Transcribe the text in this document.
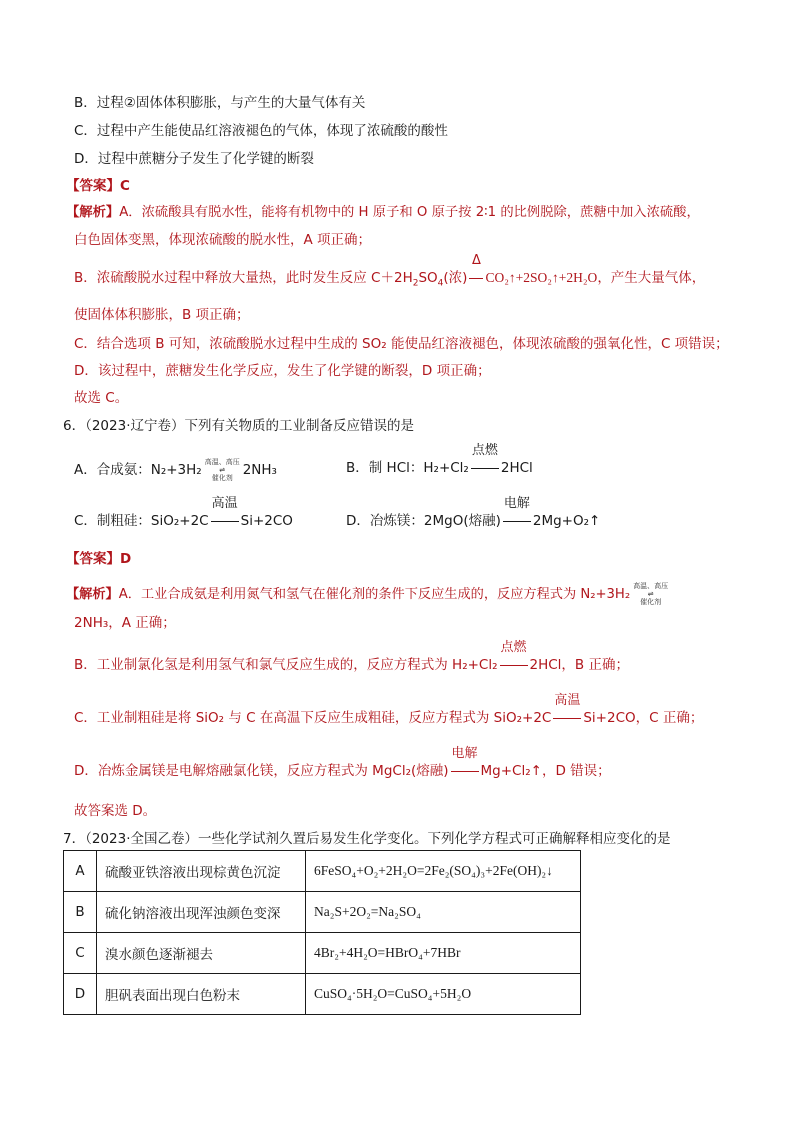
B．过程②固体体积膨胀，与产生的大量气体有关
C．过程中产生能使品红溶液褪色的气体，体现了浓硫酸的酸性
D．过程中蔗糖分子发生了化学键的断裂
【答案】C
【解析】A．浓硫酸具有脱水性，能将有机物中的 H 原子和 O 原子按 2∶1 的比例脱除，蔗糖中加入浓硫酸，
白色固体变黑，体现浓硫酸的脱水性，A 项正确；
B．浓硫酸脱水过程中释放大量热，此时发生反应 $C+2H_2SO_4$(浓)
Δ
CO₂↑+2SO₂↑+2H₂O，产生大量气体，
使固体体积膨胀，B 项正确；
C．结合选项 B 可知，浓硫酸脱水过程中生成的 SO₂ 能使品红溶液褪色，体现浓硫酸的强氧化性，C 项错误；
D．该过程中，蔗糖发生化学反应，发生了化学键的断裂，D 项正确；
故选 C。
6．（2023·辽宁卷）下列有关物质的工业制备反应错误的是
A．合成氨：N₂+3H₂ 高温、高压
⇌
催化剂 2NH₃	B．制 HCl：H₂+Cl₂
点燃
2HCl
C．制粗硅：SiO₂+2C
高温
Si+2CO	D．冶炼镁：2MgO(熔融)
电解
2Mg+O₂↑
【答案】D
【解析】A．工业合成氨是利用氮气和氢气在催化剂的条件下反应生成的，反应方程式为 N₂+3H₂高温、高压
⇌
催化剂
2NH₃，A 正确；
B．工业制氯化氢是利用氢气和氯气反应生成的，反应方程式为 H₂+Cl₂
点燃
2HCl，B 正确；
C．工业制粗硅是将 SiO₂ 与 C 在高温下反应生成粗硅，反应方程式为 SiO₂+2C
高温
Si+2CO，C 正确；
D．冶炼金属镁是电解熔融氯化镁，反应方程式为 MgCl₂(熔融)
电解
Mg+Cl₂↑，D 错误；
故答案选 D。
7．（2023·全国乙卷）一些化学试剂久置后易发生化学变化。下列化学方程式可正确解释相应变化的是
A	硫酸亚铁溶液出现棕黄色沉淀	6FeSO₄+O₂+2H₂O=2Fe₂(SO₄)₃+2Fe(OH)₂↓
B	硫化钠溶液出现浑浊颜色变深	Na₂S+2O₂=Na₂SO₄
C	溴水颜色逐渐褪去	4Br₂+4H₂O=HBrO₄+7HBr
D	胆矾表面出现白色粉末	CuSO₄·5H₂O=CuSO₄+5H₂O
